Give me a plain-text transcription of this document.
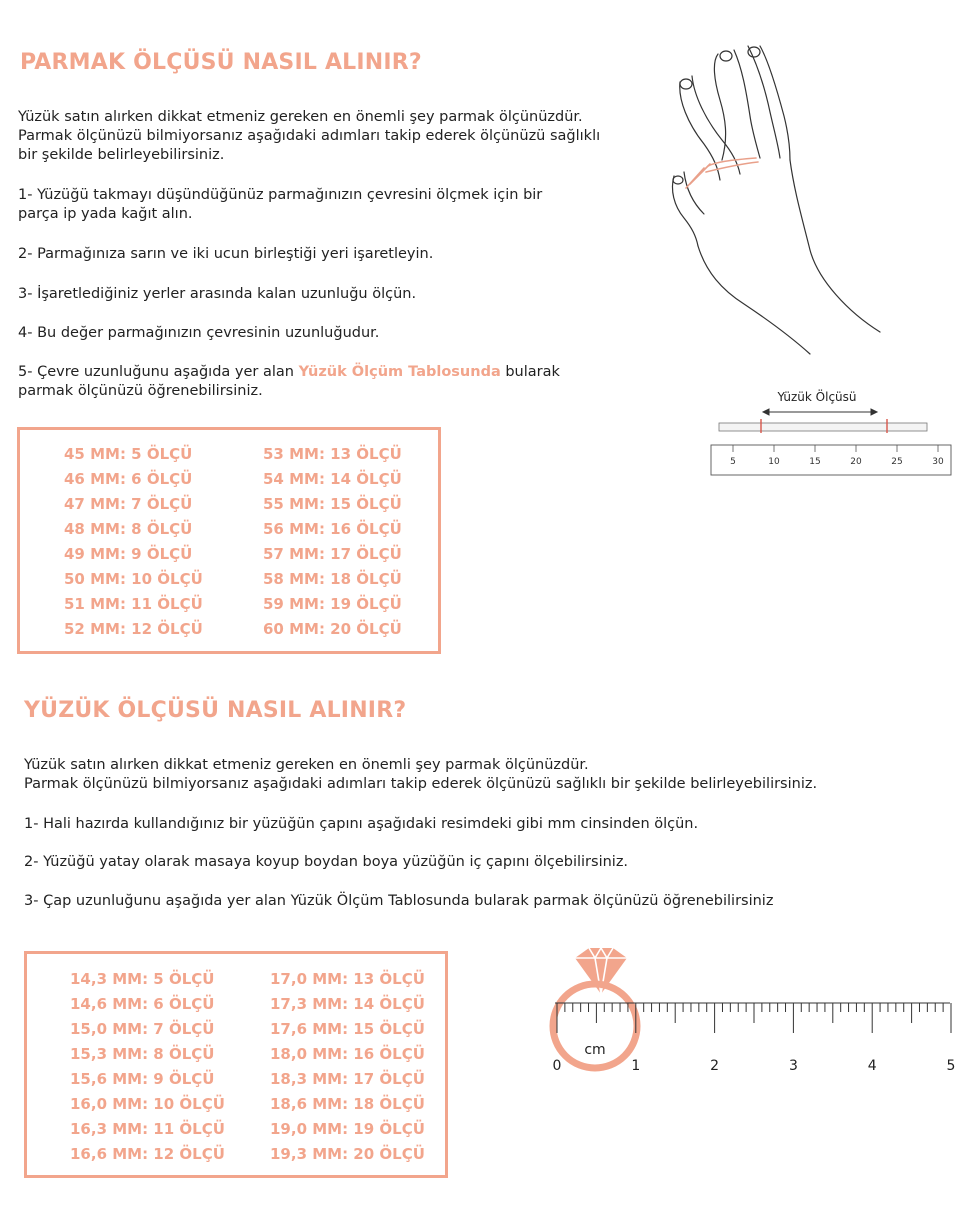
PARMAK ÖLÇÜSÜ NASIL ALINIR?

Yüzük satın alırken dikkat etmeniz gereken en önemli şey parmak ölçünüzdür.
Parmak ölçünüzü bilmiyorsanız aşağıdaki adımları takip ederek ölçünüzü sağlıklı
bir şekilde belirleyebilirsiniz.

1- Yüzüğü takmayı düşündüğünüz parmağınızın çevresini ölçmek için bir
parça ip yada kağıt alın.

2- Parmağınıza sarın ve iki ucun birleştiği yeri işaretleyin.

3- İşaretlediğiniz yerler arasında kalan uzunluğu ölçün.

4- Bu değer parmağınızın çevresinin uzunluğudur.

5- Çevre uzunluğunu aşağıda yer alan Yüzük Ölçüm Tablosunda bularak
parmak ölçünüzü öğrenebilirsiniz.

45 MM: 5 ÖLÇÜ
46 MM: 6 ÖLÇÜ
47 MM: 7 ÖLÇÜ
48 MM: 8 ÖLÇÜ
49 MM: 9 ÖLÇÜ
50 MM: 10 ÖLÇÜ
51 MM: 11 ÖLÇÜ
52 MM: 12 ÖLÇÜ
53 MM: 13 ÖLÇÜ
54 MM: 14 ÖLÇÜ
55 MM: 15 ÖLÇÜ
56 MM: 16 ÖLÇÜ
57 MM: 17 ÖLÇÜ
58 MM: 18 ÖLÇÜ
59 MM: 19 ÖLÇÜ
60 MM: 20 ÖLÇÜ
Yüzük Ölçüsü
5	10	15	20	25	30
YÜZÜK ÖLÇÜSÜ NASIL ALINIR?

Yüzük satın alırken dikkat etmeniz gereken en önemli şey parmak ölçünüzdür.
Parmak ölçünüzü bilmiyorsanız aşağıdaki adımları takip ederek ölçünüzü sağlıklı bir şekilde belirleyebilirsiniz.

1- Hali hazırda kullandığınız bir yüzüğün çapını aşağıdaki resimdeki gibi mm cinsinden ölçün.

2- Yüzüğü yatay olarak masaya koyup boydan boya yüzüğün iç çapını ölçebilirsiniz.

3- Çap uzunluğunu aşağıda yer alan Yüzük Ölçüm Tablosunda bularak parmak ölçünüzü öğrenebilirsiniz

14,3 MM: 5 ÖLÇÜ
14,6 MM: 6 ÖLÇÜ
15,0 MM: 7 ÖLÇÜ
15,3 MM: 8 ÖLÇÜ
15,6 MM: 9 ÖLÇÜ
16,0 MM: 10 ÖLÇÜ
16,3 MM: 11 ÖLÇÜ
16,6 MM: 12 ÖLÇÜ
17,0 MM: 13 ÖLÇÜ
17,3 MM: 14 ÖLÇÜ
17,6 MM: 15 ÖLÇÜ
18,0 MM: 16 ÖLÇÜ
18,3 MM: 17 ÖLÇÜ
18,6 MM: 18 ÖLÇÜ
19,0 MM: 19 ÖLÇÜ
19,3 MM: 20 ÖLÇÜ
cm
0	1	2	3	4	5
